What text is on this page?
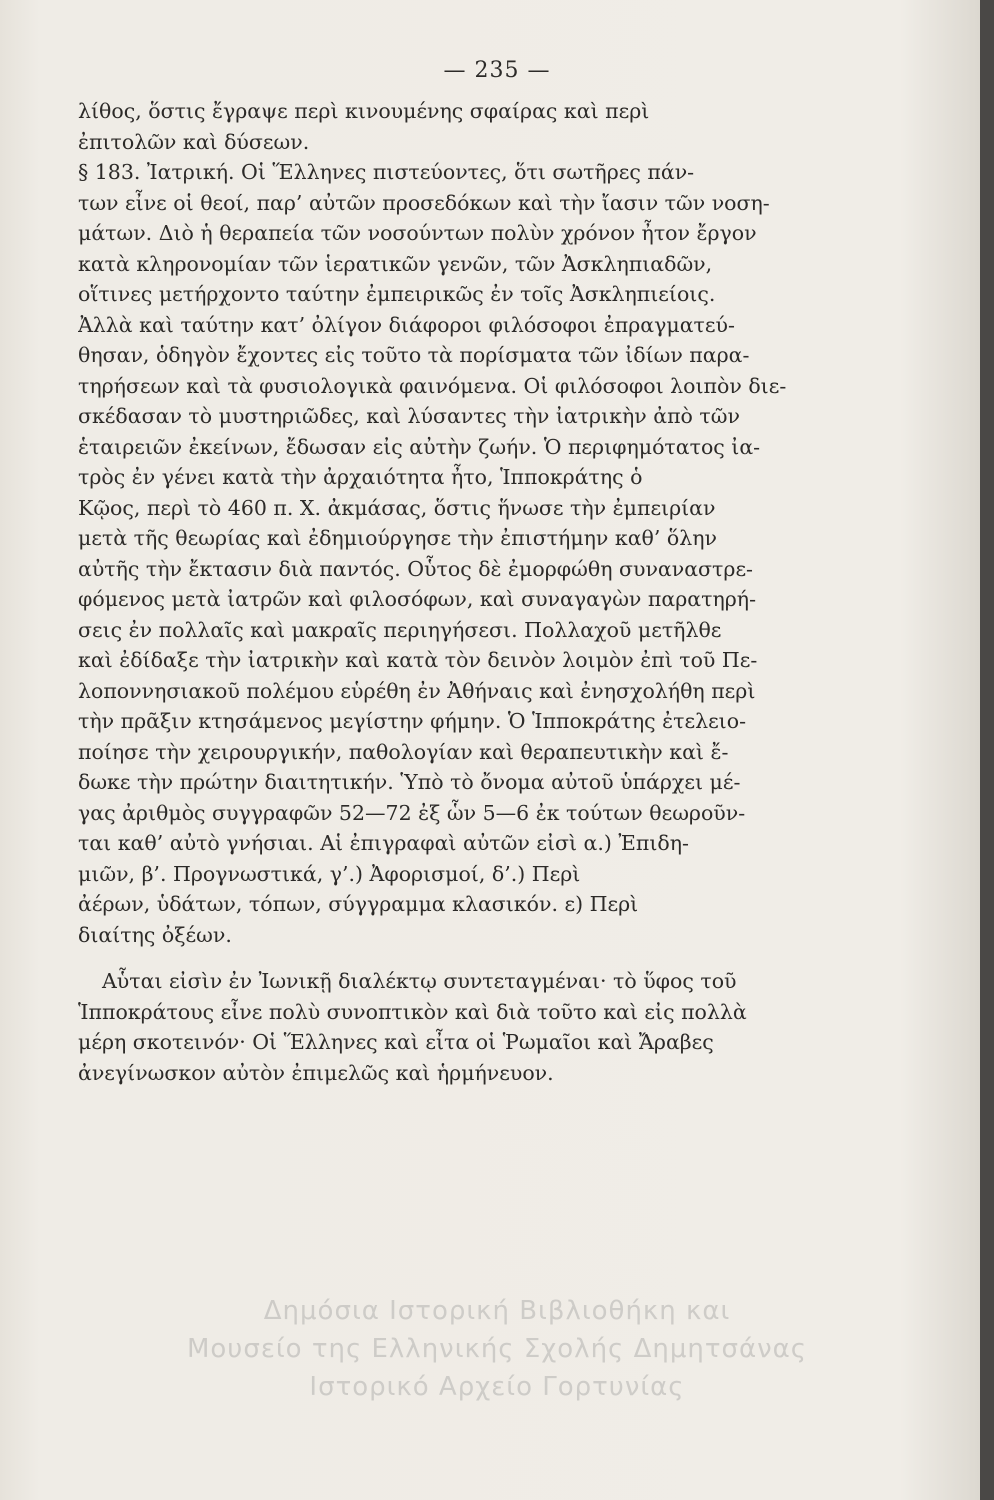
— 235 —
λίθος, ὅστις ἔγραψε περὶ κινουμένης σφαίρας καὶ περὶ
ἐπιτολῶν καὶ δύσεων.
§ 183. Ἰατρική. Οἱ Ἕλληνες πιστεύοντες, ὅτι σωτῆρες πάν-
των εἶνε οἱ θεοί, παρ’ αὐτῶν προσεδόκων καὶ τὴν ἴασιν τῶν νοση-
μάτων. Διὸ ἡ θεραπεία τῶν νοσούντων πολὺν χρόνον ἦτον ἔργον
κατὰ κληρονομίαν τῶν ἱερατικῶν γενῶν, τῶν Ἀσκληπιαδῶν,
οἵτινες μετήρχοντο ταύτην ἐμπειρικῶς ἐν τοῖς Ἀσκληπιείοις.
Ἀλλὰ καὶ ταύτην κατ’ ὀλίγον διάφοροι φιλόσοφοι ἐπραγματεύ-
θησαν, ὁδηγὸν ἔχοντες εἰς τοῦτο τὰ πορίσματα τῶν ἰδίων παρα-
τηρήσεων καὶ τὰ φυσιολογικὰ φαινόμενα. Οἱ φιλόσοφοι λοιπὸν διε-
σκέδασαν τὸ μυστηριῶδες, καὶ λύσαντες τὴν ἰατρικὴν ἀπὸ τῶν
ἑταιρειῶν ἐκείνων, ἔδωσαν εἰς αὐτὴν ζωήν. Ὁ περιφημότατος ἰα-
τρὸς ἐν γένει κατὰ τὴν ἀρχαιότητα ἦτο, Ἱπποκράτης ὁ
Κῷος, περὶ τὸ 460 π. Χ. ἀκμάσας, ὅστις ἥνωσε τὴν ἐμπειρίαν
μετὰ τῆς θεωρίας καὶ ἐδημιούργησε τὴν ἐπιστήμην καθ’ ὅλην
αὐτῆς τὴν ἔκτασιν διὰ παντός. Οὗτος δὲ ἐμορφώθη συναναστρε-
φόμενος μετὰ ἰατρῶν καὶ φιλοσόφων, καὶ συναγαγὼν παρατηρή-
σεις ἐν πολλαῖς καὶ μακραῖς περιηγήσεσι. Πολλαχοῦ μετῆλθε
καὶ ἐδίδαξε τὴν ἰατρικὴν καὶ κατὰ τὸν δεινὸν λοιμὸν ἐπὶ τοῦ Πε-
λοποννησιακοῦ πολέμου εὑρέθη ἐν Ἀθήναις καὶ ἐνησχολήθη περὶ
τὴν πρᾶξιν κτησάμενος μεγίστην φήμην. Ὁ Ἱπποκράτης ἐτελειο-
ποίησε τὴν χειρουργικήν, παθολογίαν καὶ θεραπευτικὴν καὶ ἔ-
δωκε τὴν πρώτην διαιτητικήν. Ὑπὸ τὸ ὄνομα αὐτοῦ ὑπάρχει μέ-
γας ἀριθμὸς συγγραφῶν 52—72 ἐξ ὧν 5—6 ἐκ τούτων θεωροῦν-
ται καθ’ αὐτὸ γνήσιαι. Αἱ ἐπιγραφαὶ αὐτῶν εἰσὶ α.) Ἐπιδη-
μιῶν, β’. Προγνωστικά, γ’.) Ἀφορισμοί, δ’.) Περὶ
ἀέρων, ὑδάτων, τόπων, σύγγραμμα κλασικόν. ε) Περὶ
διαίτης ὀξέων.
Αὗται εἰσὶν ἐν Ἰωνικῇ διαλέκτῳ συντεταγμέναι· τὸ ὕφος τοῦ
Ἱπποκράτους εἶνε πολὺ συνοπτικὸν καὶ διὰ τοῦτο καὶ εἰς πολλὰ
μέρη σκοτεινόν· Οἱ Ἕλληνες καὶ εἶτα οἱ Ῥωμαῖοι καὶ Ἄραβες
ἀνεγίνωσκον αὐτὸν ἐπιμελῶς καὶ ἡρμήνευον.
Δημόσια Ιστορική Βιβλιοθήκη και
Μουσείο της Ελληνικής Σχολής Δημητσάνας
Ιστορικό Αρχείο Γορτυνίας
